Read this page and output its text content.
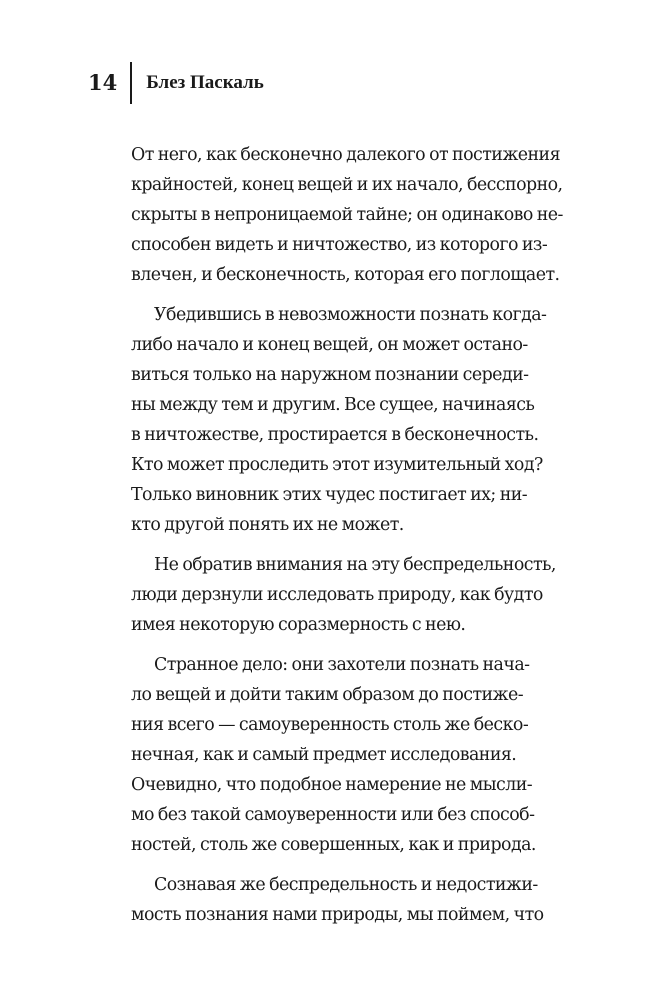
14 Блез Паскаль
От него, как бесконечно далекого от постижения
крайностей, конец вещей и их начало, бесспорно,
скрыты в непроницаемой тайне; он одинаково не-
способен видеть и ничтожество, из которого из-
влечен, и бесконечность, которая его поглощает.
Убедившись в невозможности познать когда-
либо начало и конец вещей, он может остано-
виться только на наружном познании середи-
ны между тем и другим. Все сущее, начинаясь
в ничтожестве, простирается в бесконечность.
Кто может проследить этот изумительный ход?
Только виновник этих чудес постигает их; ни-
кто другой понять их не может.
Не обратив внимания на эту беспредельность,
люди дерзнули исследовать природу, как будто
имея некоторую соразмерность с нею.
Странное дело: они захотели познать нача-
ло вещей и дойти таким образом до постиже-
ния всего — самоуверенность столь же беско-
нечная, как и самый предмет исследования.
Очевидно, что подобное намерение не мысли-
мо без такой самоуверенности или без способ-
ностей, столь же совершенных, как и природа.
Сознавая же беспредельность и недостижи-
мость познания нами природы, мы поймем, что
